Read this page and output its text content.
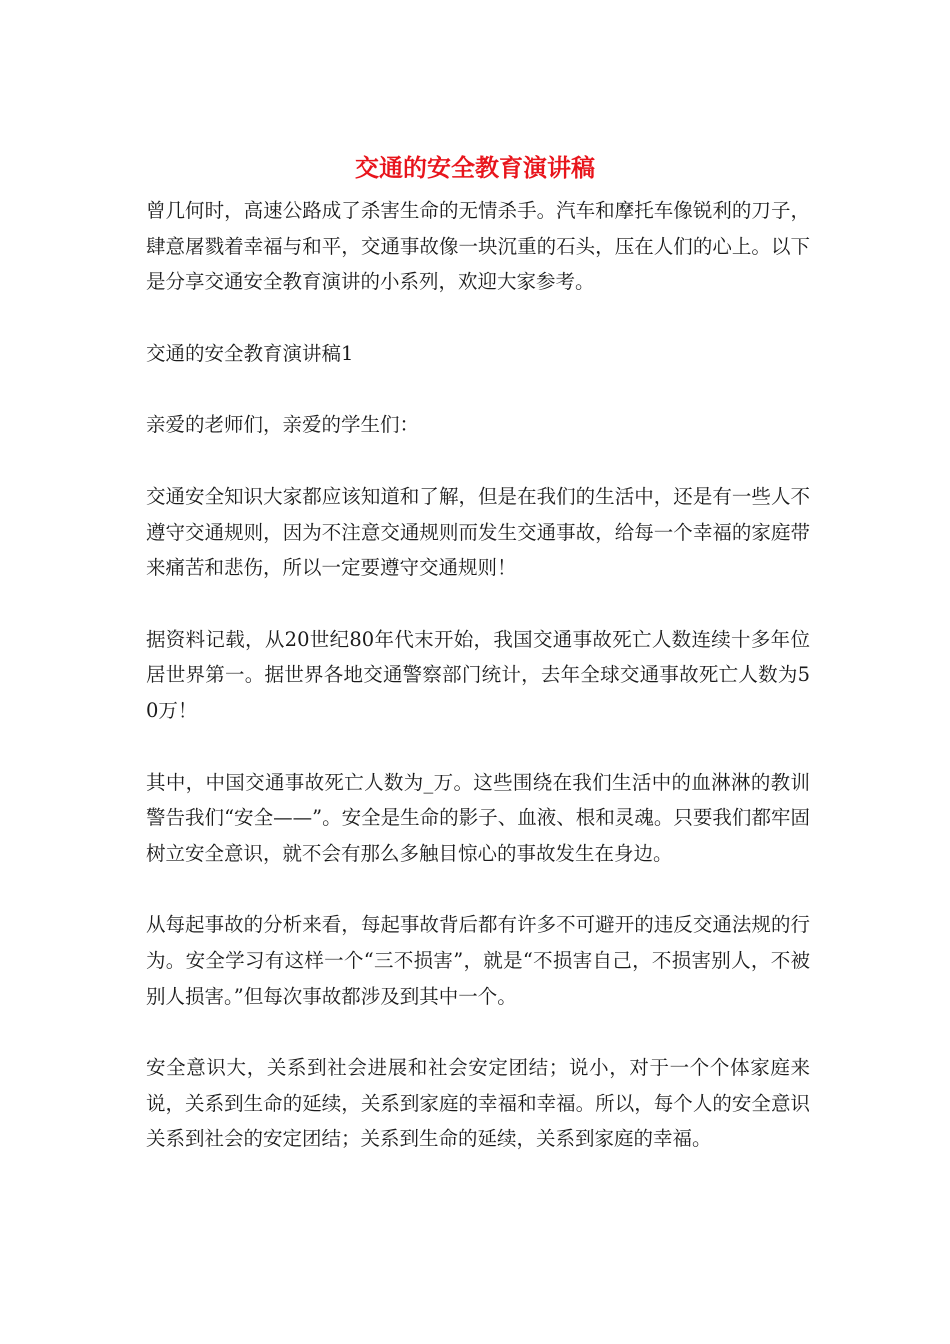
交通的安全教育演讲稿

曾几何时，高速公路成了杀害生命的无情杀手。汽车和摩托车像锐利的刀子，肆意屠戮着幸福与和平，交通事故像一块沉重的石头，压在人们的心上。以下是分享交通安全教育演讲的小系列，欢迎大家参考。

交通的安全教育演讲稿1

亲爱的老师们，亲爱的学生们：

交通安全知识大家都应该知道和了解，但是在我们的生活中，还是有一些人不遵守交通规则，因为不注意交通规则而发生交通事故，给每一个幸福的家庭带来痛苦和悲伤，所以一定要遵守交通规则！

据资料记载，从20世纪80年代末开始，我国交通事故死亡人数连续十多年位居世界第一。据世界各地交通警察部门统计，去年全球交通事故死亡人数为50万！

其中，中国交通事故死亡人数为_万。这些围绕在我们生活中的血淋淋的教训警告我们“安全——”。安全是生命的影子、血液、根和灵魂。只要我们都牢固树立安全意识，就不会有那么多触目惊心的事故发生在身边。

从每起事故的分析来看，每起事故背后都有许多不可避开的违反交通法规的行为。安全学习有这样一个“三不损害”，就是“不损害自己，不损害别人，不被别人损害。”但每次事故都涉及到其中一个。

安全意识大，关系到社会进展和社会安定团结；说小，对于一个个体家庭来说，关系到生命的延续，关系到家庭的幸福和幸福。所以，每个人的安全意识关系到社会的安定团结；关系到生命的延续，关系到家庭的幸福。
